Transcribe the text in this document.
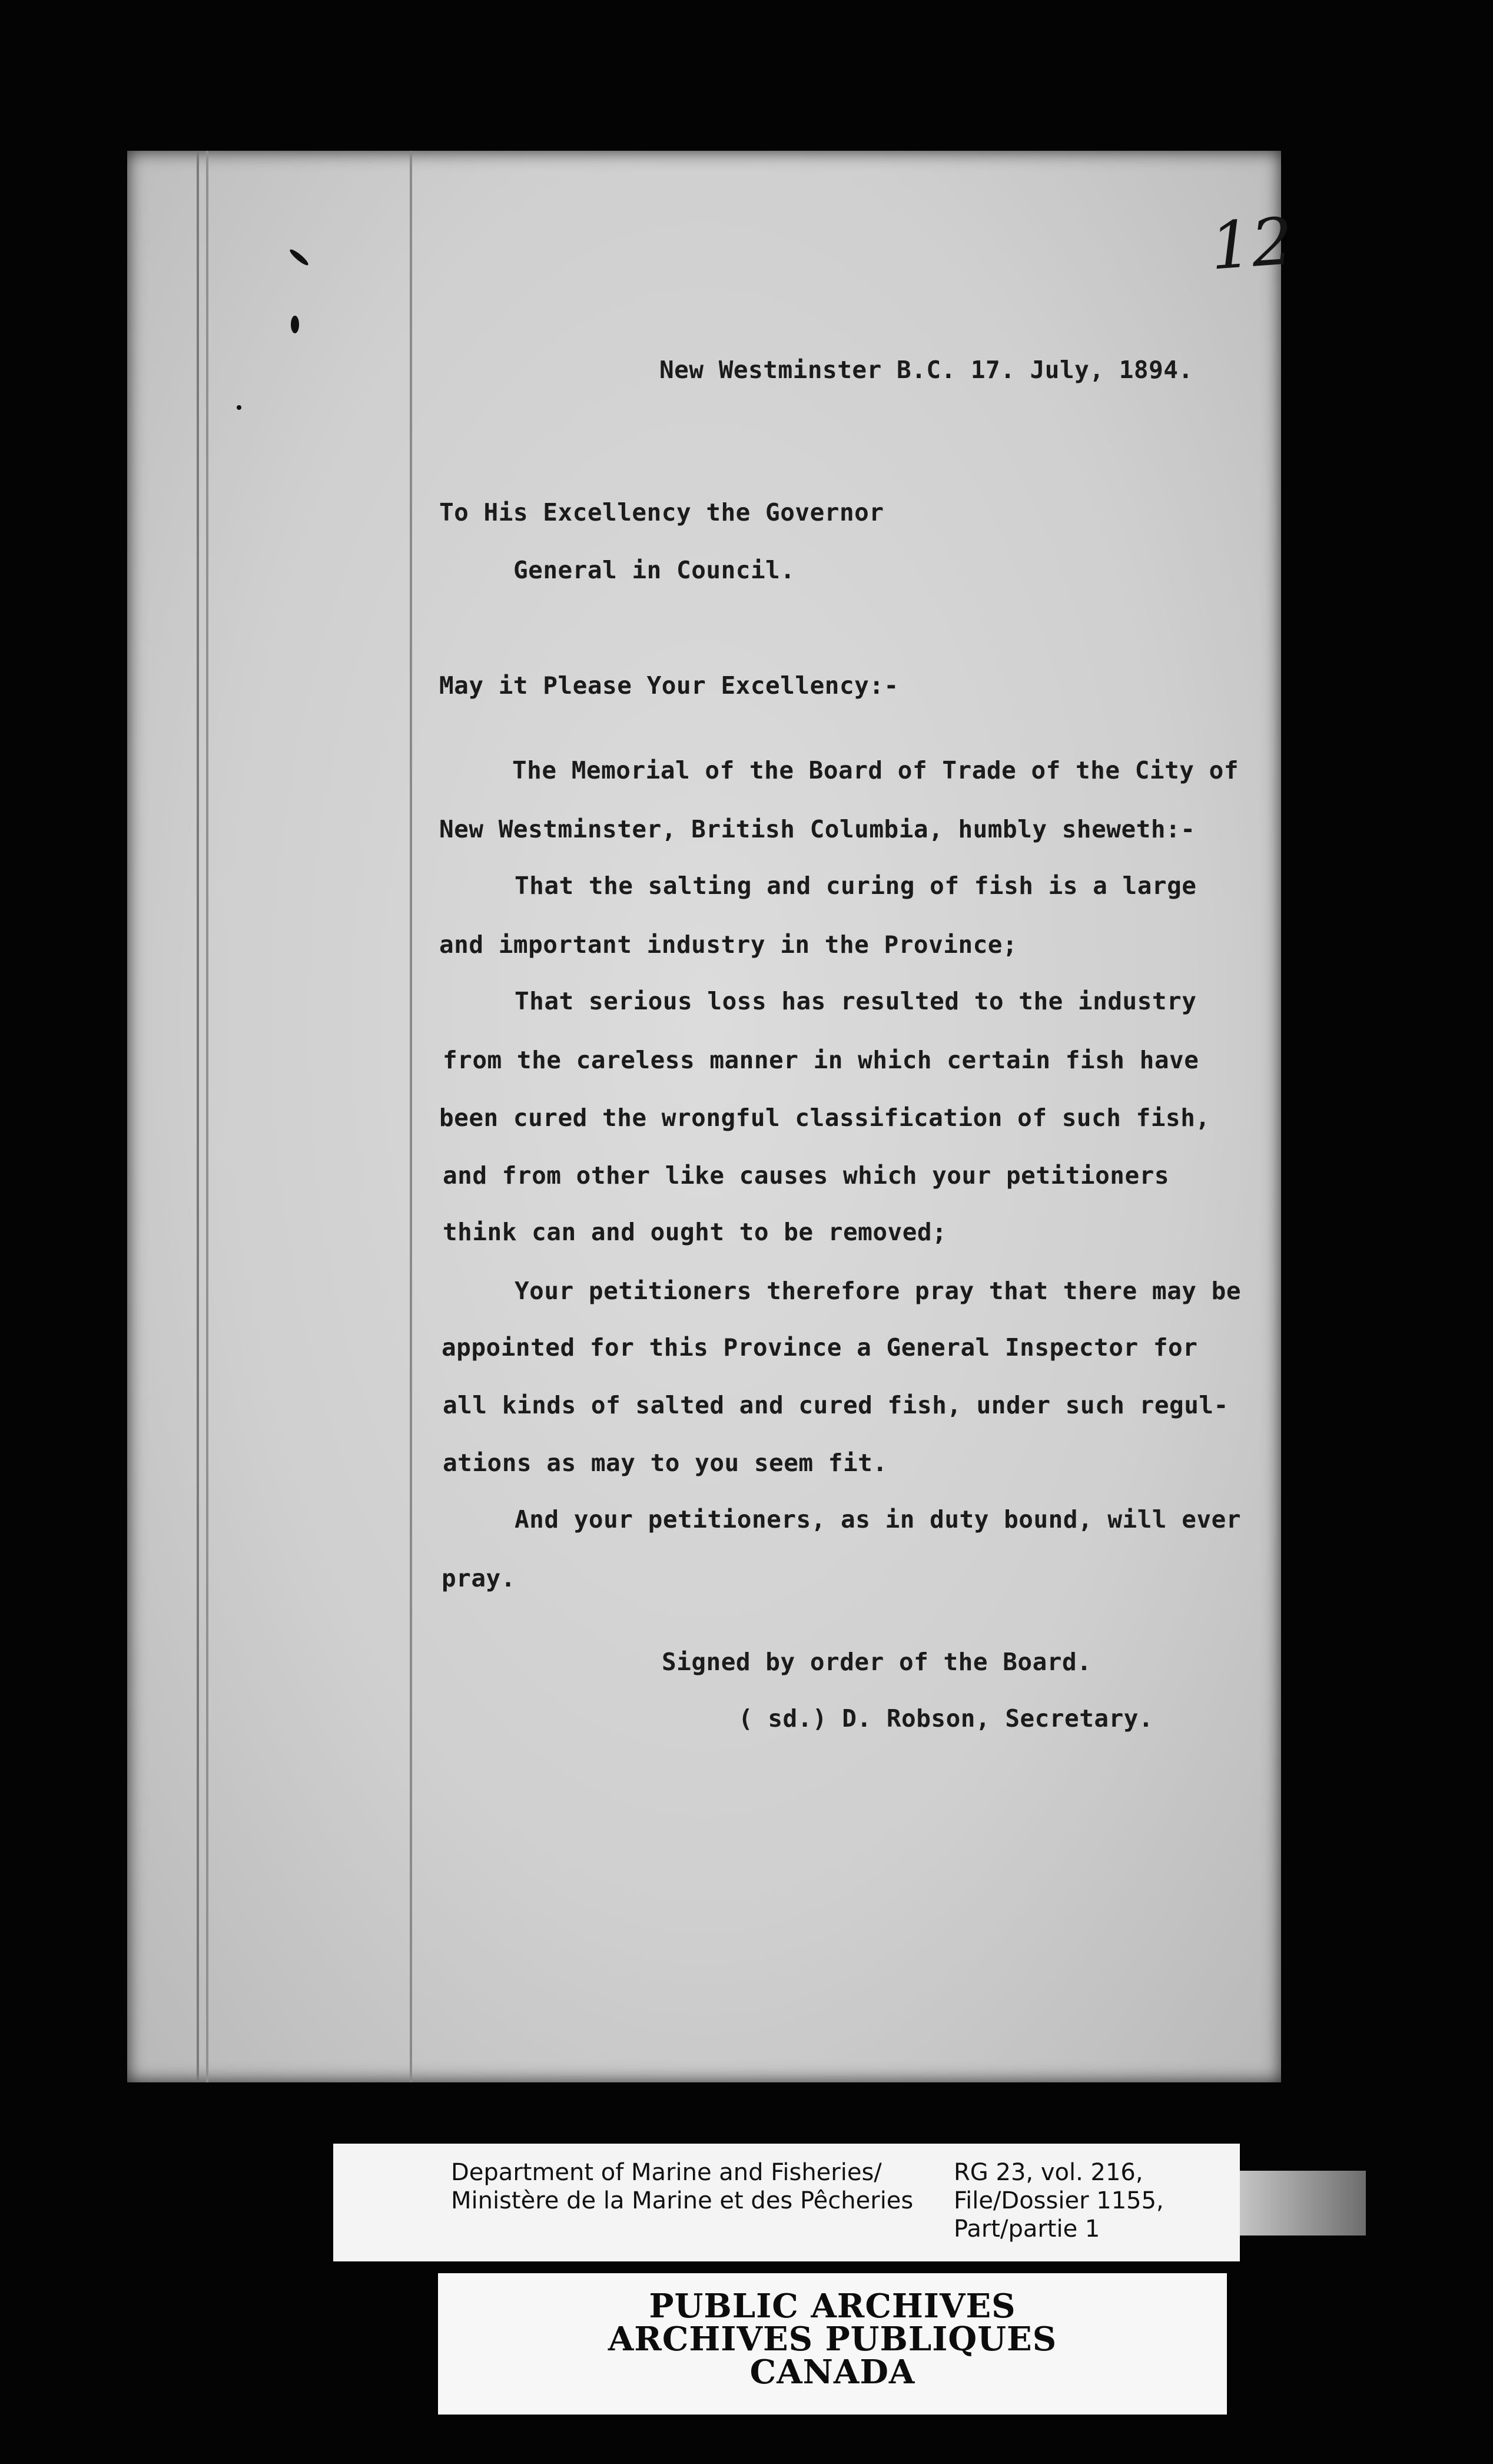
12
New Westminster B.C. 17. July, 1894.
To His Excellency the Governor
General in Council.
May it Please Your Excellency:-
The Memorial of the Board of Trade of the City of
New Westminster, British Columbia, humbly sheweth:-
That the salting and curing of fish is a large
and important industry in the Province;
That serious loss has resulted to the industry
from the careless manner in which certain fish have
been cured the wrongful classification of such fish,
and from other like causes which your petitioners
think can and ought to be removed;
Your petitioners therefore pray that there may be
appointed for this Province a General Inspector for
all kinds of salted and cured fish, under such regul-
ations as may to you seem fit.
And your petitioners, as in duty bound, will ever
pray.
Signed by order of the Board.
( sd.) D. Robson, Secretary.
Department of Marine and Fisheries/
Ministère de la Marine et des Pêcheries
RG 23, vol. 216,
File/Dossier 1155,
Part/partie 1
PUBLIC ARCHIVES
ARCHIVES PUBLIQUES
CANADA
